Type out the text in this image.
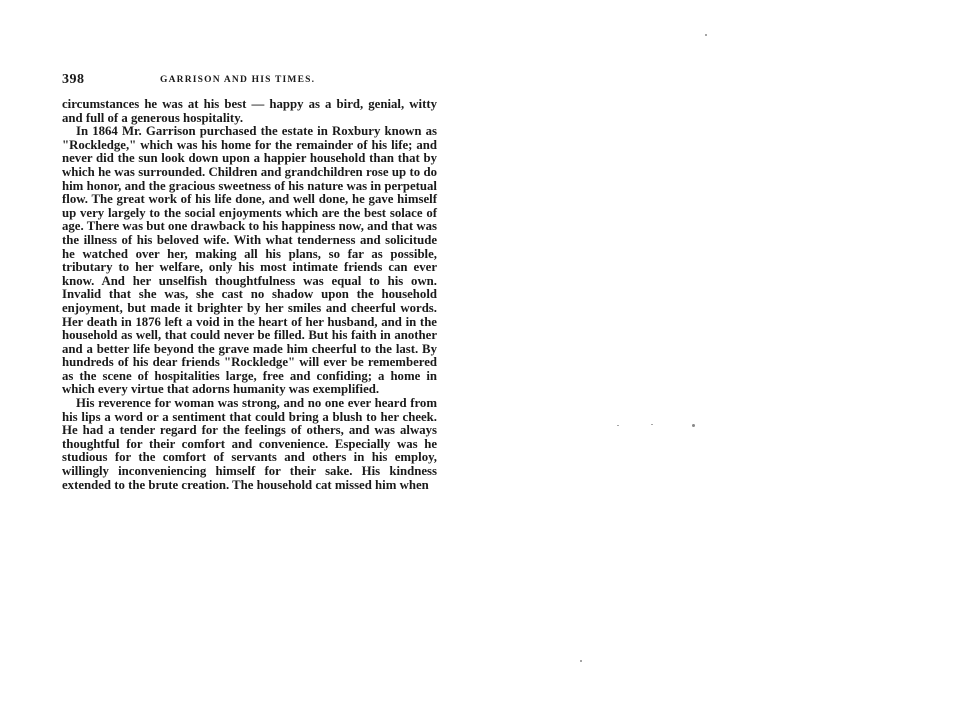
398	GARRISON AND HIS TIMES.

circumstances he was at his best — happy as a bird, genial, witty and full of a generous hospitality.

In 1864 Mr. Garrison purchased the estate in Roxbury known as "Rockledge," which was his home for the remainder of his life; and never did the sun look down upon a happier household than that by which he was surrounded. Children and grandchildren rose up to do him honor, and the gracious sweetness of his nature was in perpetual flow. The great work of his life done, and well done, he gave himself up very largely to the social enjoyments which are the best solace of age. There was but one drawback to his happiness now, and that was the illness of his beloved wife. With what tenderness and solicitude he watched over her, making all his plans, so far as possible, tributary to her welfare, only his most intimate friends can ever know. And her unselfish thoughtfulness was equal to his own. Invalid that she was, she cast no shadow upon the household enjoyment, but made it brighter by her smiles and cheerful words. Her death in 1876 left a void in the heart of her husband, and in the household as well, that could never be filled. But his faith in another and a better life beyond the grave made him cheerful to the last. By hundreds of his dear friends "Rockledge" will ever be remembered as the scene of hospitalities large, free and confiding; a home in which every virtue that adorns humanity was exemplified.

His reverence for woman was strong, and no one ever heard from his lips a word or a sentiment that could bring a blush to her cheek. He had a tender regard for the feelings of others, and was always thoughtful for their comfort and convenience. Especially was he studious for the comfort of servants and others in his employ, willingly inconveniencing himself for their sake. His kindness extended to the brute creation. The household cat missed him when
